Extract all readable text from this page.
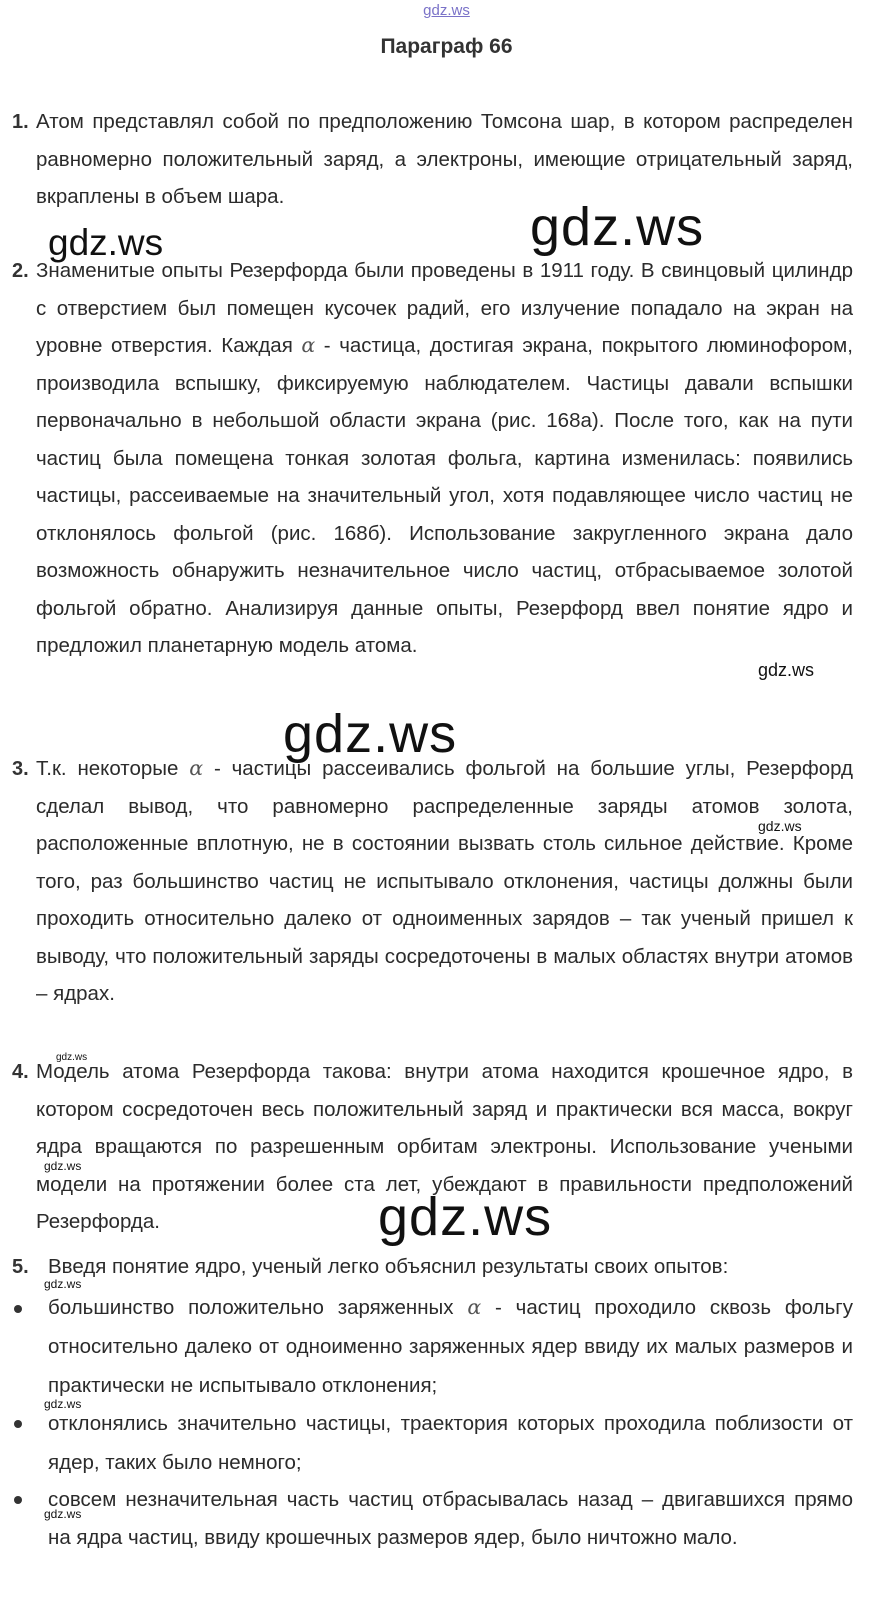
gdz.ws
Параграф 66
1. Атом представлял собой по предположению Томсона шар, в котором распределен равномерно положительный заряд, а электроны, имеющие отрицательный заряд, вкраплены в объем шара.

2. Знаменитые опыты Резерфорда были проведены в 1911 году. В свинцовый цилиндр с отверстием был помещен кусочек радий, его излучение попадало на экран на уровне отверстия. Каждая α - частица, достигая экрана, покрытого люминофором, производила вспышку, фиксируемую наблюдателем. Частицы давали вспышки первоначально в небольшой области экрана (рис. 168а). После того, как на пути частиц была помещена тонкая золотая фольга, картина изменилась: появились частицы, рассеиваемые на значительный угол, хотя подавляющее число частиц не отклонялось фольгой (рис. 168б). Использование закругленного экрана дало возможность обнаружить незначительное число частиц, отбрасываемое золотой фольгой обратно. Анализируя данные опыты, Резерфорд ввел понятие ядро и предложил планетарную модель атома.

3. Т.к. некоторые α - частицы рассеивались фольгой на большие углы, Резерфорд сделал вывод, что равномерно распределенные заряды атомов золота, расположенные вплотную, не в состоянии вызвать столь сильное действие. Кроме того, раз большинство частиц не испытывало отклонения, частицы должны были проходить относительно далеко от одноименных зарядов – так ученый пришел к выводу, что положительный заряды сосредоточены в малых областях внутри атомов – ядрах.

4. Модель атома Резерфорда такова: внутри атома находится крошечное ядро, в котором сосредоточен весь положительный заряд и практически вся масса, вокруг ядра вращаются по разрешенным орбитам электроны. Использование учеными модели на протяжении более ста лет, убеждают в правильности предположений Резерфорда.

5. Введя понятие ядро, ученый легко объяснил результаты своих опытов:

большинство положительно заряженных α - частиц проходило сквозь фольгу относительно далеко от одноименно заряженных ядер ввиду их малых размеров и практически не испытывало отклонения;

отклонялись значительно частицы, траектория которых проходила поблизости от ядер, таких было немного;

совсем незначительная часть частиц отбрасывалась назад – двигавшихся прямо на ядра частиц, ввиду крошечных размеров ядер, было ничтожно мало.

gdz.ws
gdz.ws
gdz.ws
gdz.ws
gdz.ws
gdz.ws
gdz.ws
gdz.ws
gdz.ws
gdz.ws
gdz.ws
